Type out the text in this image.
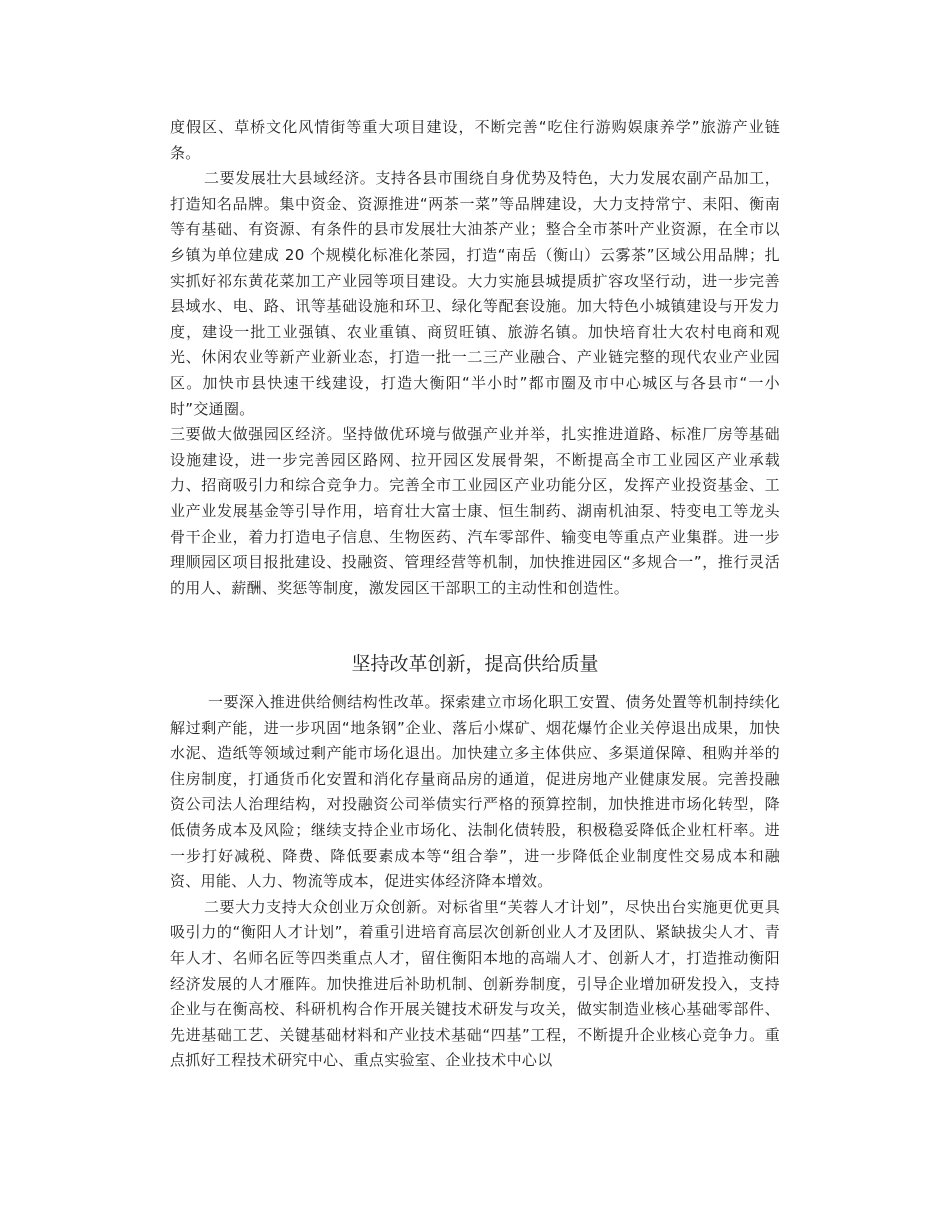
度假区、草桥文化风情街等重大项目建设，不断完善“吃住行游购娱康养学”旅游产业链条。

二要发展壮大县域经济。支持各县市围绕自身优势及特色，大力发展农副产品加工，打造知名品牌。集中资金、资源推进“两茶一菜”等品牌建设，大力支持常宁、耒阳、衡南等有基础、有资源、有条件的县市发展壮大油茶产业；整合全市茶叶产业资源，在全市以乡镇为单位建成 20 个规模化标准化茶园，打造“南岳（衡山）云雾茶”区域公用品牌；扎实抓好祁东黄花菜加工产业园等项目建设。大力实施县城提质扩容攻坚行动，进一步完善县域水、电、路、讯等基础设施和环卫、绿化等配套设施。加大特色小城镇建设与开发力度，建设一批工业强镇、农业重镇、商贸旺镇、旅游名镇。加快培育壮大农村电商和观光、休闲农业等新产业新业态，打造一批一二三产业融合、产业链完整的现代农业产业园区。加快市县快速干线建设，打造大衡阳“半小时”都市圈及市中心城区与各县市“一小时”交通圈。

三要做大做强园区经济。坚持做优环境与做强产业并举，扎实推进道路、标准厂房等基础设施建设，进一步完善园区路网、拉开园区发展骨架，不断提高全市工业园区产业承载力、招商吸引力和综合竞争力。完善全市工业园区产业功能分区，发挥产业投资基金、工业产业发展基金等引导作用，培育壮大富士康、恒生制药、湖南机油泵、特变电工等龙头骨干企业，着力打造电子信息、生物医药、汽车零部件、输变电等重点产业集群。进一步理顺园区项目报批建设、投融资、管理经营等机制，加快推进园区“多规合一”，推行灵活的用人、薪酬、奖惩等制度，激发园区干部职工的主动性和创造性。

坚持改革创新，提高供给质量

一要深入推进供给侧结构性改革。探索建立市场化职工安置、债务处置等机制持续化解过剩产能，进一步巩固“地条钢”企业、落后小煤矿、烟花爆竹企业关停退出成果，加快水泥、造纸等领域过剩产能市场化退出。加快建立多主体供应、多渠道保障、租购并举的住房制度，打通货币化安置和消化存量商品房的通道，促进房地产业健康发展。完善投融资公司法人治理结构，对投融资公司举债实行严格的预算控制，加快推进市场化转型，降低债务成本及风险；继续支持企业市场化、法制化债转股，积极稳妥降低企业杠杆率。进一步打好减税、降费、降低要素成本等“组合拳”，进一步降低企业制度性交易成本和融资、用能、人力、物流等成本，促进实体经济降本增效。

二要大力支持大众创业万众创新。对标省里“芙蓉人才计划”，尽快出台实施更优更具吸引力的“衡阳人才计划”，着重引进培育高层次创新创业人才及团队、紧缺拔尖人才、青年人才、名师名匠等四类重点人才，留住衡阳本地的高端人才、创新人才，打造推动衡阳经济发展的人才雁阵。加快推进后补助机制、创新券制度，引导企业增加研发投入，支持企业与在衡高校、科研机构合作开展关键技术研发与攻关，做实制造业核心基础零部件、先进基础工艺、关键基础材料和产业技术基础“四基”工程，不断提升企业核心竞争力。重点抓好工程技术研究中心、重点实验室、企业技术中心以
